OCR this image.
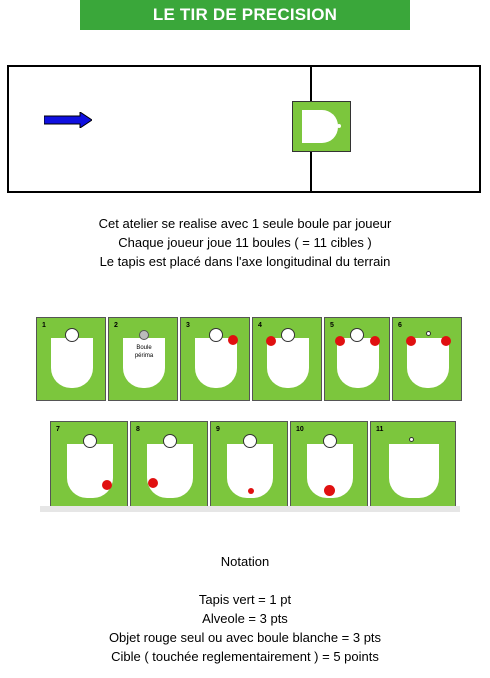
LE TIR DE PRECISION

Cet atelier se realise avec 1 seule boule par joueur

Chaque joueur joue 11 boules ( = 11 cibles )

Le tapis est placé dans l'axe longitudinal du terrain

1	2
Boule
périma
3	4	5	6
7	8	9	10	11
Notation
Tapis vert = 1 pt
Alveole = 3 pts
Objet rouge seul ou avec boule blanche = 3 pts
Cible ( touchée reglementairement ) = 5 points
